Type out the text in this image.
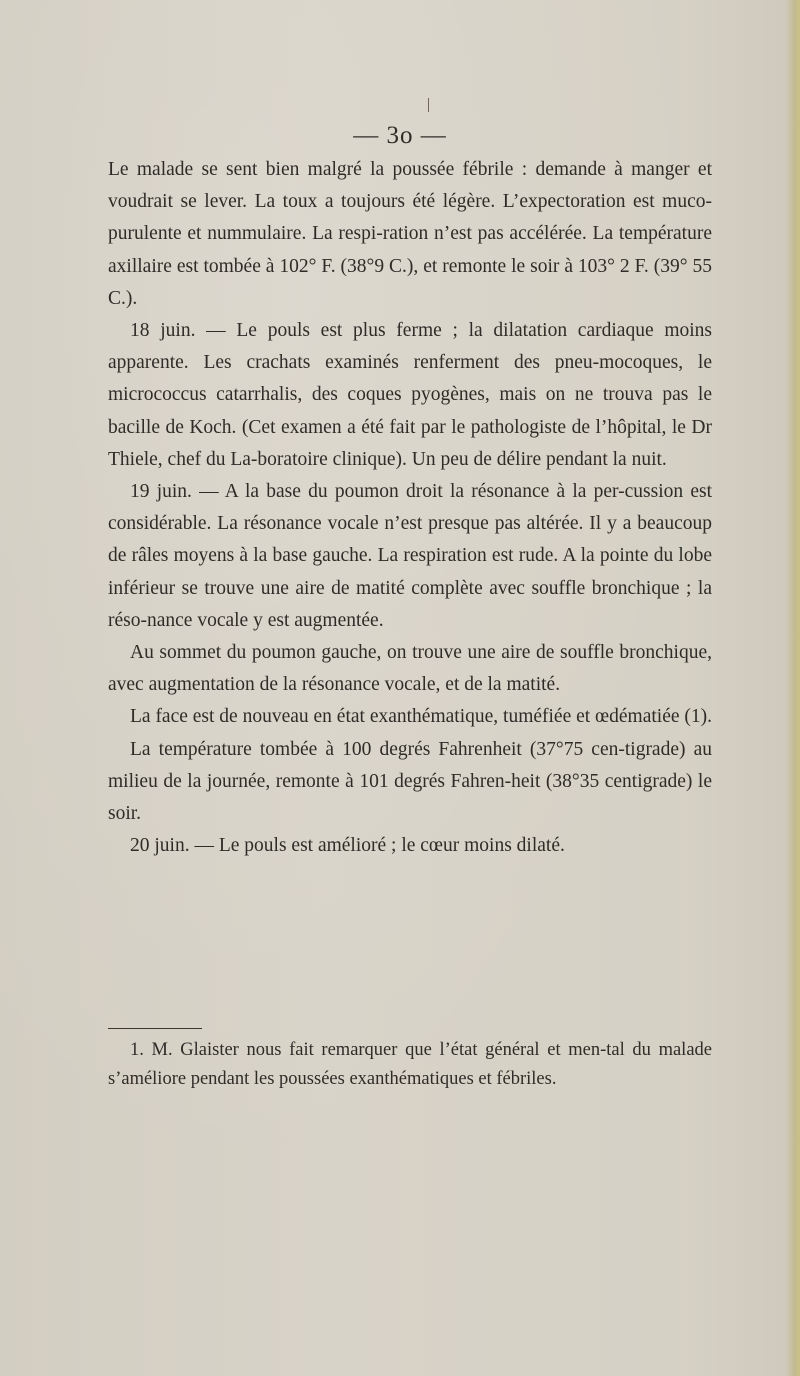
— 3o —

Le malade se sent bien malgré la poussée fébrile : demande à manger et voudrait se lever. La toux a toujours été légère. L’expectoration est muco-purulente et nummulaire. La respi-ration n’est pas accélérée. La température axillaire est tombée à 102° F. (38°9 C.), et remonte le soir à 103° 2 F. (39° 55 C.).

18 juin. — Le pouls est plus ferme ; la dilatation cardiaque moins apparente. Les crachats examinés renferment des pneu-mocoques, le micrococcus catarrhalis, des coques pyogènes, mais on ne trouva pas le bacille de Koch. (Cet examen a été fait par le pathologiste de l’hôpital, le Dr Thiele, chef du La-boratoire clinique). Un peu de délire pendant la nuit.

19 juin. — A la base du poumon droit la résonance à la per-cussion est considérable. La résonance vocale n’est presque pas altérée. Il y a beaucoup de râles moyens à la base gauche. La respiration est rude. A la pointe du lobe inférieur se trouve une aire de matité complète avec souffle bronchique ; la réso-nance vocale y est augmentée.

Au sommet du poumon gauche, on trouve une aire de souffle bronchique, avec augmentation de la résonance vocale, et de la matité.

La face est de nouveau en état exanthématique, tuméfiée et œdématiée (1).

La température tombée à 100 degrés Fahrenheit (37°75 cen-tigrade) au milieu de la journée, remonte à 101 degrés Fahren-heit (38°35 centigrade) le soir.

20 juin. — Le pouls est amélioré ; le cœur moins dilaté.

1. M. Glaister nous fait remarquer que l’état général et men-tal du malade s’améliore pendant les poussées exanthématiques et fébriles.
